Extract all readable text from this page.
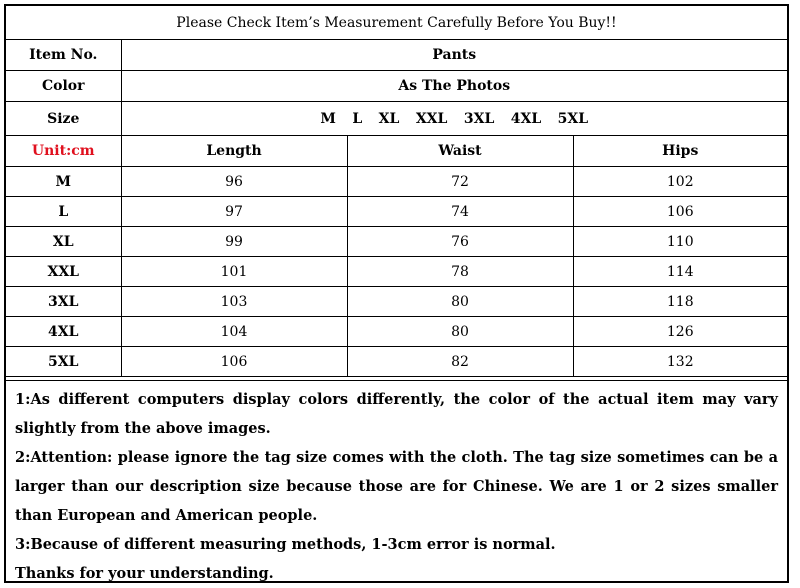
Please Check Item’s Measurement Carefully Before You Buy!!			
Item No.	Pants		
Color	As The Photos		
Size	M L XL XXL 3XL 4XL 5XL		
Unit:cm	Length	Waist	Hips
M	96	72	102
L	97	74	106
XL	99	76	110
XXL	101	78	114
3XL	103	80	118
4XL	104	80	126
5XL	106	82	132

1:As different computers display colors differently, the color of the actual item may vary slightly from the above images.

2:Attention: please ignore the tag size comes with the cloth. The tag size sometimes can be a larger than our description size because those are for Chinese. We are 1 or 2 sizes smaller than European and American people.

3:Because of different measuring methods, 1-3cm error is normal.

Thanks for your understanding.
